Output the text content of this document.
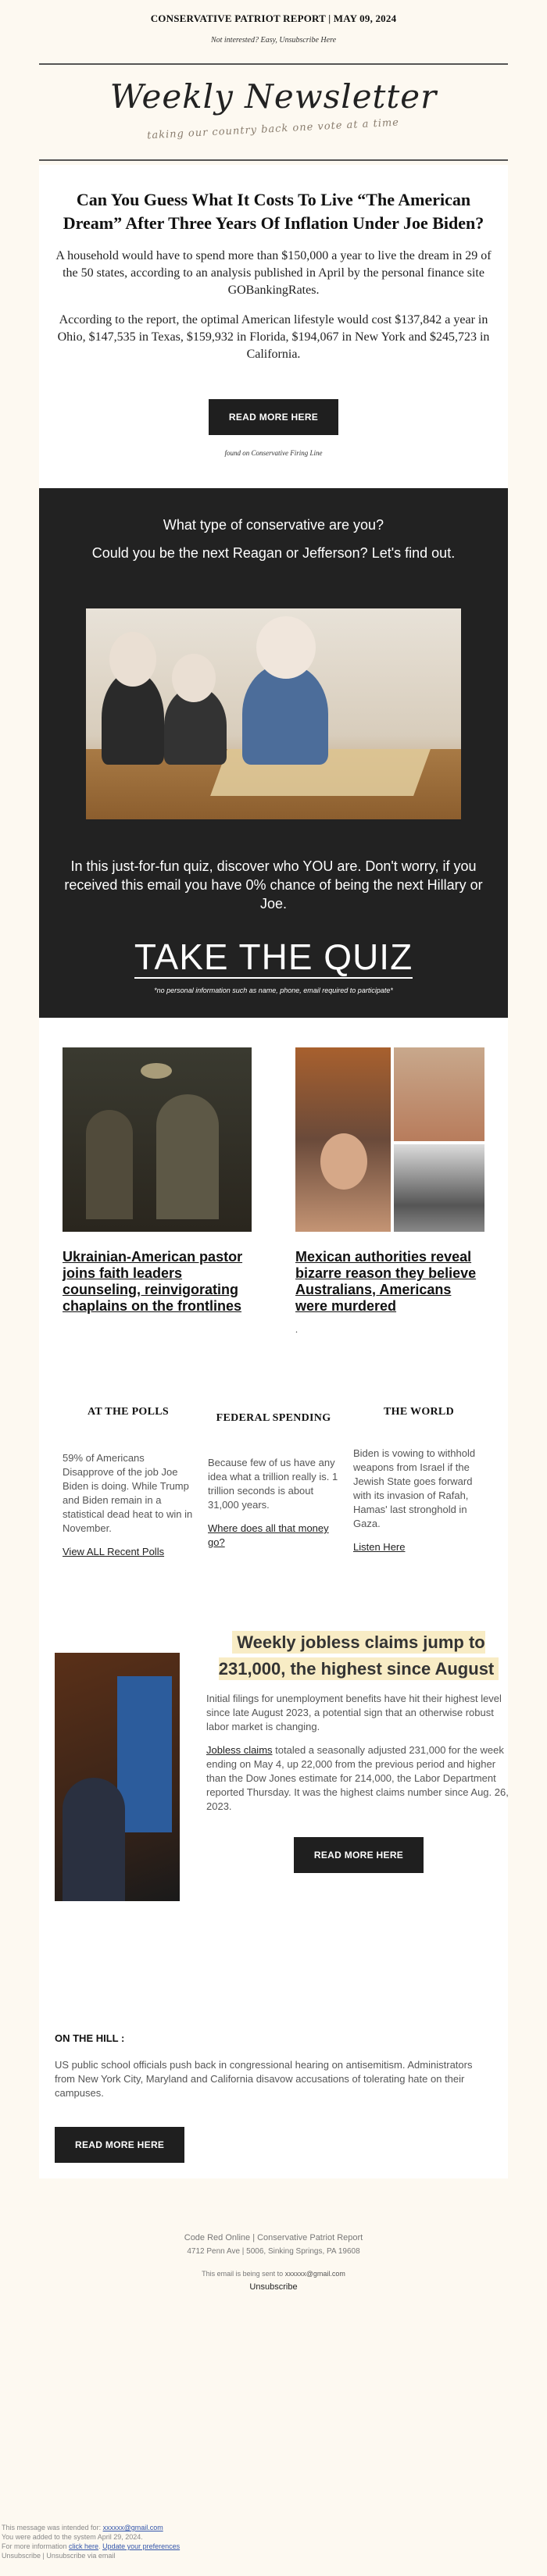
CONSERVATIVE PATRIOT REPORT | MAY 09, 2024
Not interested? Easy, Unsubscribe Here
Weekly Newsletter
taking our country back one vote at a time
Can You Guess What It Costs To Live “The American Dream” After Three Years Of Inflation Under Joe Biden?

A household would have to spend more than $150,000 a year to live the dream in 29 of the 50 states, according to an analysis published in April by the personal finance site GOBankingRates.

According to the report, the optimal American lifestyle would cost $137,842 a year in Ohio, $147,535 in Texas, $159,932 in Florida, $194,067 in New York and $245,723 in California.

READ MORE HERE
found on Conservative Firing Line
What type of conservative are you?
Could you be the next Reagan or Jefferson? Let's find out.
In this just-for-fun quiz, discover who YOU are. Don't worry, if you received this email you have 0% chance of being the next Hillary or Joe.
TAKE THE QUIZ
*no personal information such as name, phone, email required to participate*
Ukrainian-American pastor joins faith leaders counseling, reinvigorating chaplains on the frontlines
Mexican authorities reveal bizarre reason they believe Australians, Americans were murdered
.
AT THE POLLS
59% of Americans Disapprove of the job Joe Biden is doing. While Trump and Biden remain in a statistical dead heat to win in November.
View ALL Recent Polls
FEDERAL SPENDING
Because few of us have any idea what a trillion really is. 1 trillion seconds is about 31,000 years.
Where does all that money go?
THE WORLD
Biden is vowing to withhold weapons from Israel if the Jewish State goes forward with its invasion of Rafah, Hamas' last stronghold in Gaza.
Listen Here
Weekly jobless claims jump to 231,000, the highest since August
Initial filings for unemployment benefits have hit their highest level since late August 2023, a potential sign that an otherwise robust labor market is changing.
Jobless claims totaled a seasonally adjusted 231,000 for the week ending on May 4, up 22,000 from the previous period and higher than the Dow Jones estimate for 214,000, the Labor Department reported Thursday. It was the highest claims number since Aug. 26, 2023.
READ MORE HERE
ON THE HILL :
US public school officials push back in congressional hearing on antisemitism. Administrators from New York City, Maryland and California disavow accusations of tolerating hate on their campuses.
READ MORE HERE
Code Red Online | Conservative Patriot Report
4712 Penn Ave | 5006, Sinking Springs, PA 19608
This email is being sent to xxxxxx@gmail.com
Unsubscribe
This message was intended for: xxxxxx@gmail.com
You were added to the system April 29, 2024.
For more information click here. Update your preferences
Unsubscribe | Unsubscribe via email
